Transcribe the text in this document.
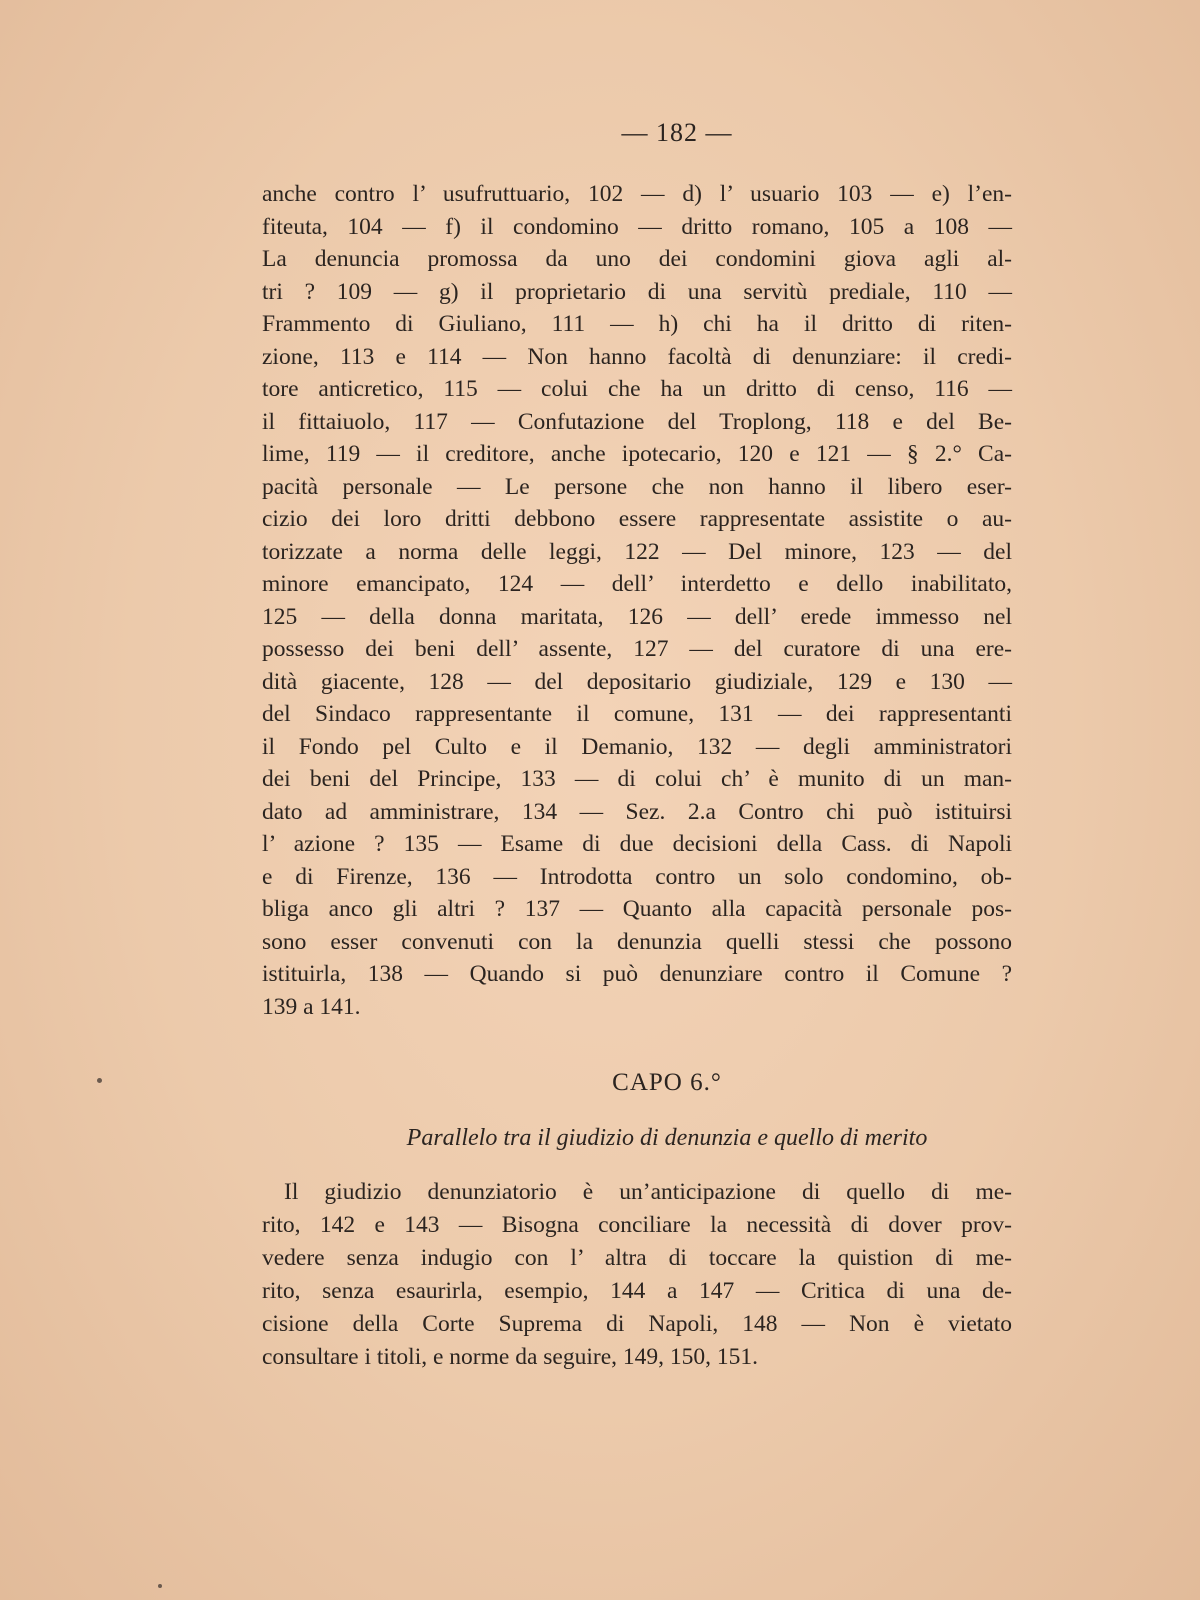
— 182 —

anche contro l’ usufruttuario, 102 — d) l’ usuario 103 — e) l’en-
fiteuta, 104 — f) il condomino — dritto romano, 105 a 108 —
La denuncia promossa da uno dei condomini giova agli al-
tri ? 109 — g) il proprietario di una servitù prediale, 110 —
Frammento di Giuliano, 111 — h) chi ha il dritto di riten-
zione, 113 e 114 — Non hanno facoltà di denunziare: il credi-
tore anticretico, 115 — colui che ha un dritto di censo, 116 —
il fittaiuolo, 117 — Confutazione del Troplong, 118 e del Be-
lime, 119 — il creditore, anche ipotecario, 120 e 121 — § 2.° Ca-
pacità personale — Le persone che non hanno il libero eser-
cizio dei loro dritti debbono essere rappresentate assistite o au-
torizzate a norma delle leggi, 122 — Del minore, 123 — del
minore emancipato, 124 — dell’ interdetto e dello inabilitato,
125 — della donna maritata, 126 — dell’ erede immesso nel
possesso dei beni dell’ assente, 127 — del curatore di una ere-
dità giacente, 128 — del depositario giudiziale, 129 e 130 —
del Sindaco rappresentante il comune, 131 — dei rappresentanti
il Fondo pel Culto e il Demanio, 132 — degli amministratori
dei beni del Principe, 133 — di colui ch’ è munito di un man-
dato ad amministrare, 134 — Sez. 2.a Contro chi può istituirsi
l’ azione ? 135 — Esame di due decisioni della Cass. di Napoli
e di Firenze, 136 — Introdotta contro un solo condomino, ob-
bliga anco gli altri ? 137 — Quanto alla capacità personale pos-
sono esser convenuti con la denunzia quelli stessi che possono
istituirla, 138 — Quando si può denunziare contro il Comune ?
139 a 141.

CAPO 6.°
Parallelo tra il giudizio di denunzia e quello di merito

Il giudizio denunziatorio è un’anticipazione di quello di me-
rito, 142 e 143 — Bisogna conciliare la necessità di dover prov-
vedere senza indugio con l’ altra di toccare la quistion di me-
rito, senza esaurirla, esempio, 144 a 147 — Critica di una de-
cisione della Corte Suprema di Napoli, 148 — Non è vietato
consultare i titoli, e norme da seguire, 149, 150, 151.
